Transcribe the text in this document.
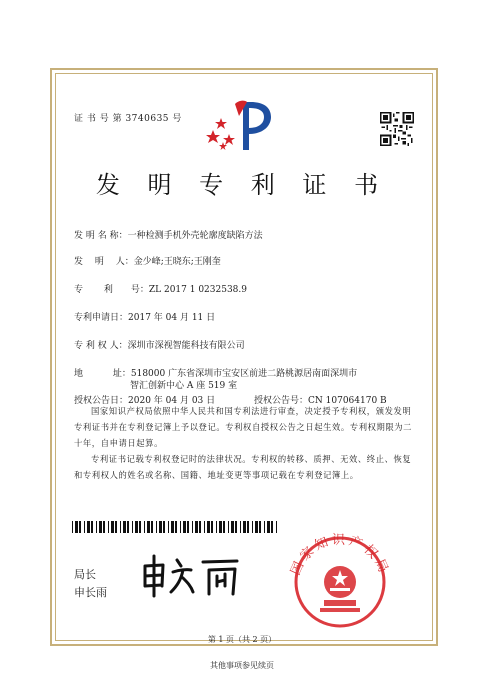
证 书 号 第 3740635 号
发 明 专 利 证 书
发 明 名 称：一种检测手机外壳轮廓度缺陷方法
发　 明　 人：金少峰;王晓东;王刚奎
专　　 利　　号：ZL 2017 1 0232538.9
专利申请日：2017 年 04 月 11 日
专 利 权 人：深圳市深视智能科技有限公司
地　　　 址：518000 广东省深圳市宝安区前进二路桃源居南面深圳市
智汇创新中心 A 座 519 室
授权公告日：2020 年 04 月 03 日	授权公告号：CN 107064170 B
国家知识产权局依照中华人民共和国专利法进行审查，决定授予专利权，颁发发明专利证书并在专利登记簿上予以登记。专利权自授权公告之日起生效。专利权期限为二十年，自申请日起算。
专利证书记载专利权登记时的法律状况。专利权的转移、质押、无效、终止、恢复和专利权人的姓名或名称、国籍、地址变更等事项记载在专利登记簿上。
局长
申长雨
国家知识产权局
第 1 页（共 2 页）
其他事项参见续页
